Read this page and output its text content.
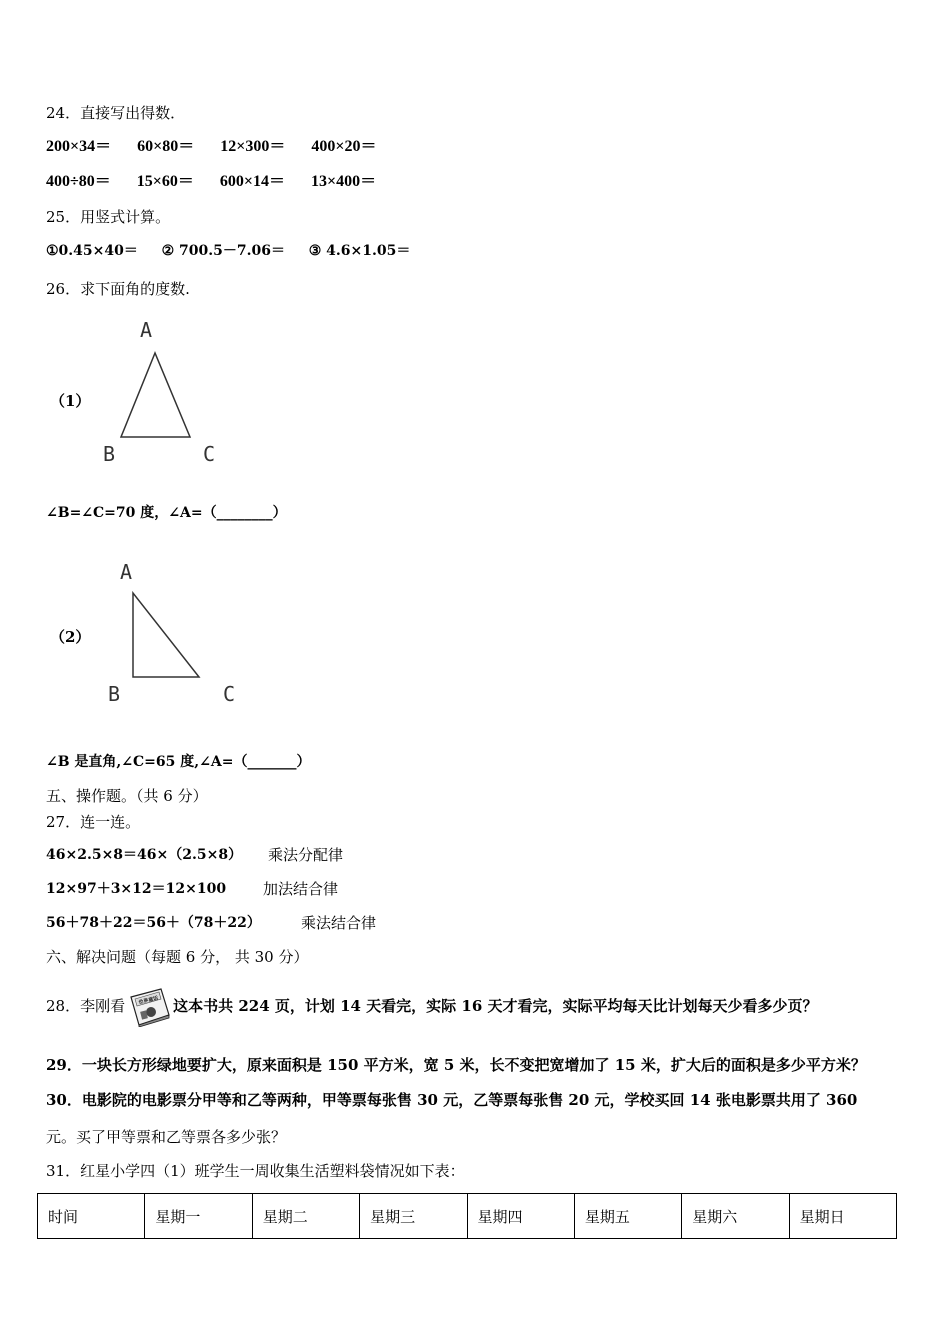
24．直接写出得数．
200×34＝ 60×80＝ 12×300＝ 400×20＝
400÷80＝ 15×60＝ 600×14＝ 13×400＝
25．用竖式计算。
①0.45×40＝ ② 700.5－7.06＝ ③ 4.6×1.05＝
26．求下面角的度数.
（1）
A
B	C
∠B=∠C=70 度，∠A=（________）
（2）
A
B	C
∠B 是直角,∠C=65 度,∠A=（_______）
五、操作题。（共 6 分）
27．连一连。
46×2.5×8＝46×（2.5×8） 乘法分配律
12×97＋3×12＝12×100 加法结合律
56＋78＋22＝56＋（78＋22）	乘法结合律
六、解决问题（每题 6 分， 共 30 分）
28．李刚看	世界童话 这本书共 224 页，计划 14 天看完，实际 16 天才看完，实际平均每天比计划每天少看多少页？
29．一块长方形绿地要扩大，原来面积是 150 平方米，宽 5 米，长不变把宽增加了 15 米，扩大后的面积是多少平方米？
30．电影院的电影票分甲等和乙等两种，甲等票每张售 30 元，乙等票每张售 20 元，学校买回 14 张电影票共用了 360
元。买了甲等票和乙等票各多少张？
31．红星小学四（1）班学生一周收集生活塑料袋情况如下表：
时间	星期一	星期二	星期三	星期四	星期五	星期六	星期日
